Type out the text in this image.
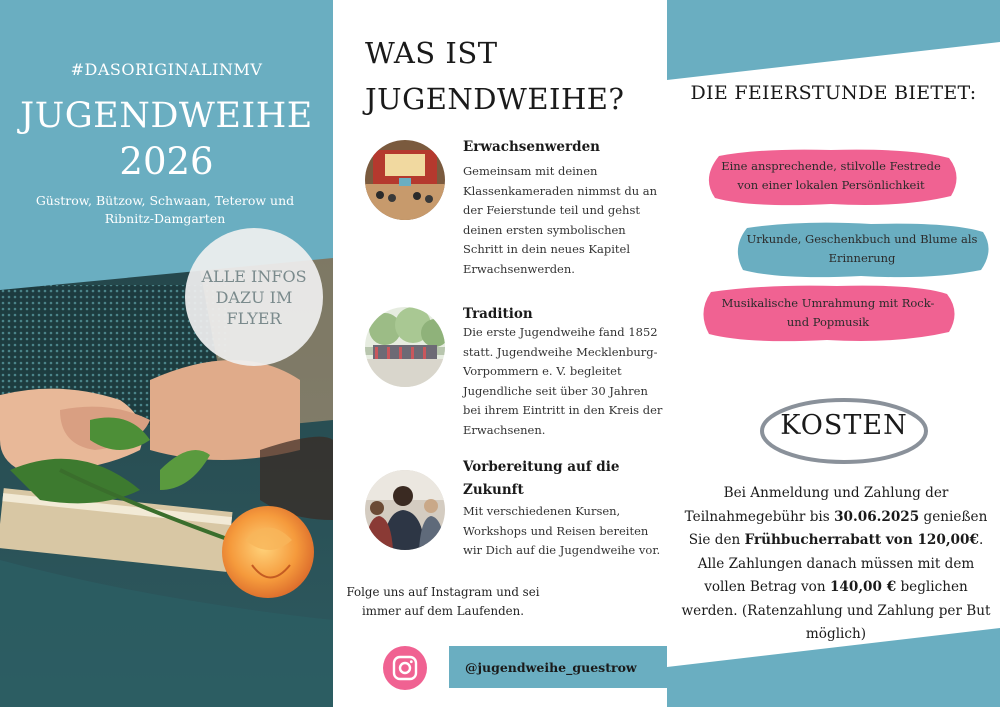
#DASORIGINALINMV
JUGENDWEIHE
2026
Güstrow, Bützow, Schwaan, Teterow und Ribnitz-Damgarten
ALLE INFOS
DAZU IM
FLYER
WAS IST
JUGENDWEIHE?
Erwachsenwerden
Gemeinsam mit deinen
Klassenkameraden nimmst du an
der Feierstunde teil und gehst
deinen ersten symbolischen
Schritt in dein neues Kapitel
Erwachsenwerden.
Tradition
Die erste Jugendweihe fand 1852
statt. Jugendweihe Mecklenburg-
Vorpommern e. V. begleitet
Jugendliche seit über 30 Jahren
bei ihrem Eintritt in den Kreis der
Erwachsenen.
Vorbereitung auf die
Zukunft
Mit verschiedenen Kursen,
Workshops und Reisen bereiten
wir Dich auf die Jugendweihe vor.
Folge uns auf Instagram und sei
immer auf dem Laufenden.
@jugendweihe_guestrow
DIE FEIERSTUNDE BIETET:
Eine ansprechende, stilvolle Festrede
von einer lokalen Persönlichkeit
Urkunde, Geschenkbuch und Blume als
Erinnerung
Musikalische Umrahmung mit Rock-
und Popmusik
KOSTEN
Bei Anmeldung und Zahlung der
Teilnahmegebühr bis 30.06.2025 genießen
Sie den Frühbucherrabatt von 120,00€.
Alle Zahlungen danach müssen mit dem
vollen Betrag von 140,00 € beglichen
werden. (Ratenzahlung und Zahlung per But
möglich)
